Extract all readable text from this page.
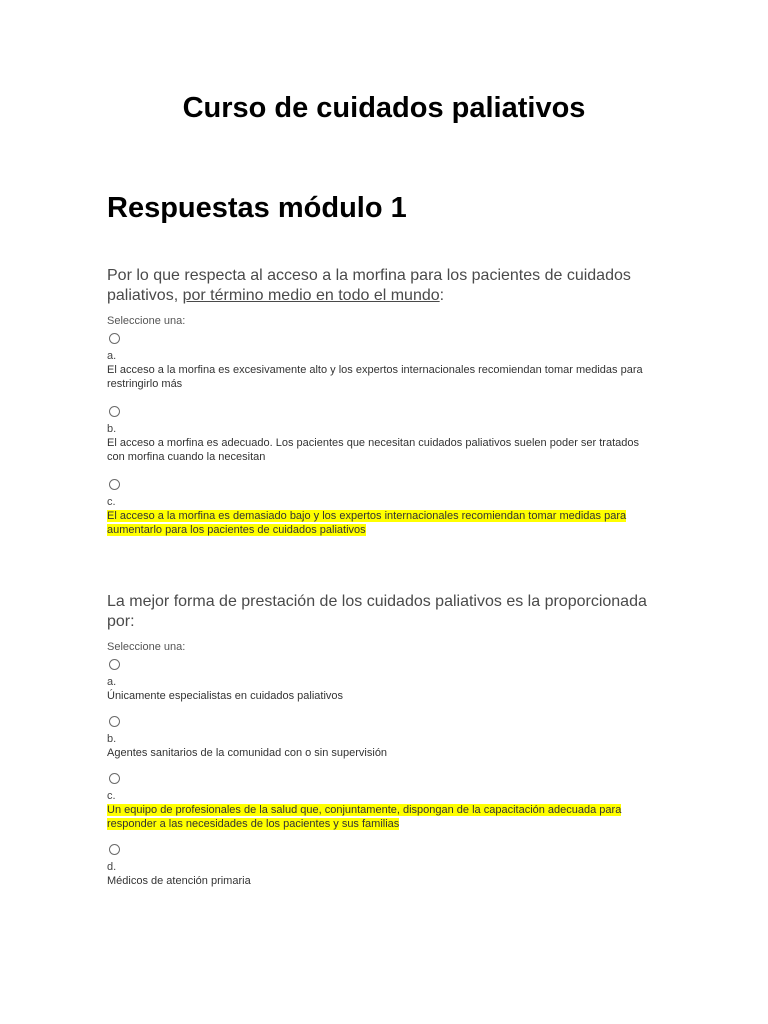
Curso de cuidados paliativos
Respuestas módulo 1

Por lo que respecta al acceso a la morfina para los pacientes de cuidados paliativos, por término medio en todo el mundo:

Seleccione una:
a.
El acceso a la morfina es excesivamente alto y los expertos internacionales recomiendan tomar medidas para restringirlo más
b.
El acceso a morfina es adecuado. Los pacientes que necesitan cuidados paliativos suelen poder ser tratados con morfina cuando la necesitan
c.
El acceso a la morfina es demasiado bajo y los expertos internacionales recomiendan tomar medidas para aumentarlo para los pacientes de cuidados paliativos

La mejor forma de prestación de los cuidados paliativos es la proporcionada por:

Seleccione una:
a.
Únicamente especialistas en cuidados paliativos
b.
Agentes sanitarios de la comunidad con o sin supervisión
c.
Un equipo de profesionales de la salud que, conjuntamente, dispongan de la capacitación adecuada para responder a las necesidades de los pacientes y sus familias
d.
Médicos de atención primaria
